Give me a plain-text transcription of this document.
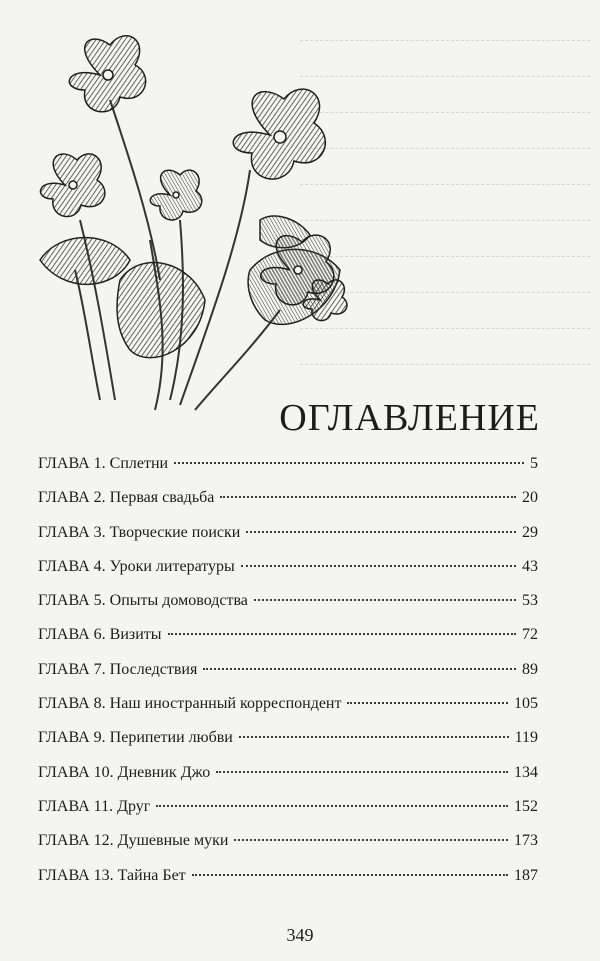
ОГЛАВЛЕНИЕ
ГЛАВА 1. Сплетни	5
ГЛАВА 2. Первая свадьба	20
ГЛАВА 3. Творческие поиски	29
ГЛАВА 4. Уроки литературы	43
ГЛАВА 5. Опыты домоводства	53
ГЛАВА 6. Визиты	72
ГЛАВА 7. Последствия	89
ГЛАВА 8. Наш иностранный корреспондент	105
ГЛАВА 9. Перипетии любви	119
ГЛАВА 10. Дневник Джо	134
ГЛАВА 11. Друг	152
ГЛАВА 12. Душевные муки	173
ГЛАВА 13. Тайна Бет	187
349
